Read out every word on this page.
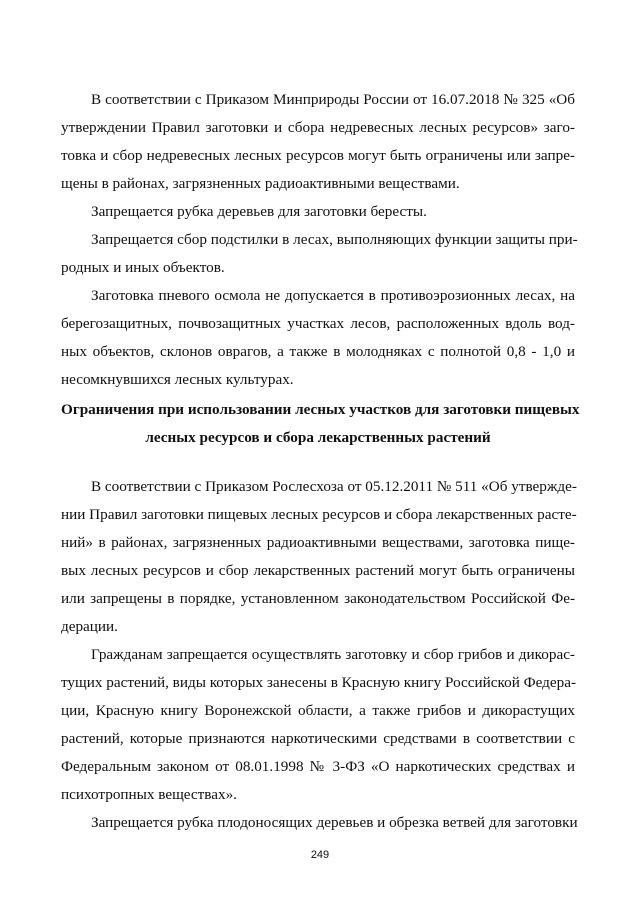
В соответствии с Приказом Минприроды России от 16.07.2018 № 325 «Об
утверждении Правил заготовки и сбора недревесных лесных ресурсов» заго-
товка и сбор недревесных лесных ресурсов могут быть ограничены или запре-
щены в районах, загрязненных радиоактивными веществами.
Запрещается рубка деревьев для заготовки бересты.
Запрещается сбор подстилки в лесах, выполняющих функции защиты при-
родных и иных объектов.
Заготовка пневого осмола не допускается в противоэрозионных лесах, на
берегозащитных, почвозащитных участках лесов, расположенных вдоль вод-
ных объектов, склонов оврагов, а также в молодняках с полнотой 0,8 - 1,0 и
несомкнувшихся лесных культурах.
Ограничения при использовании лесных участков для заготовки пищевых
лесных ресурсов и сбора лекарственных растений
В соответствии с Приказом Рослесхоза от 05.12.2011 № 511 «Об утвержде-
нии Правил заготовки пищевых лесных ресурсов и сбора лекарственных расте-
ний» в районах, загрязненных радиоактивными веществами, заготовка пище-
вых лесных ресурсов и сбор лекарственных растений могут быть ограничены
или запрещены в порядке, установленном законодательством Российской Фе-
дерации.
Гражданам запрещается осуществлять заготовку и сбор грибов и дикорас-
тущих растений, виды которых занесены в Красную книгу Российской Федера-
ции, Красную книгу Воронежской области, а также грибов и дикорастущих
растений, которые признаются наркотическими средствами в соответствии с
Федеральным законом от 08.01.1998 № 3-ФЗ «О наркотических средствах и
психотропных веществах».
Запрещается рубка плодоносящих деревьев и обрезка ветвей для заготовки
249
